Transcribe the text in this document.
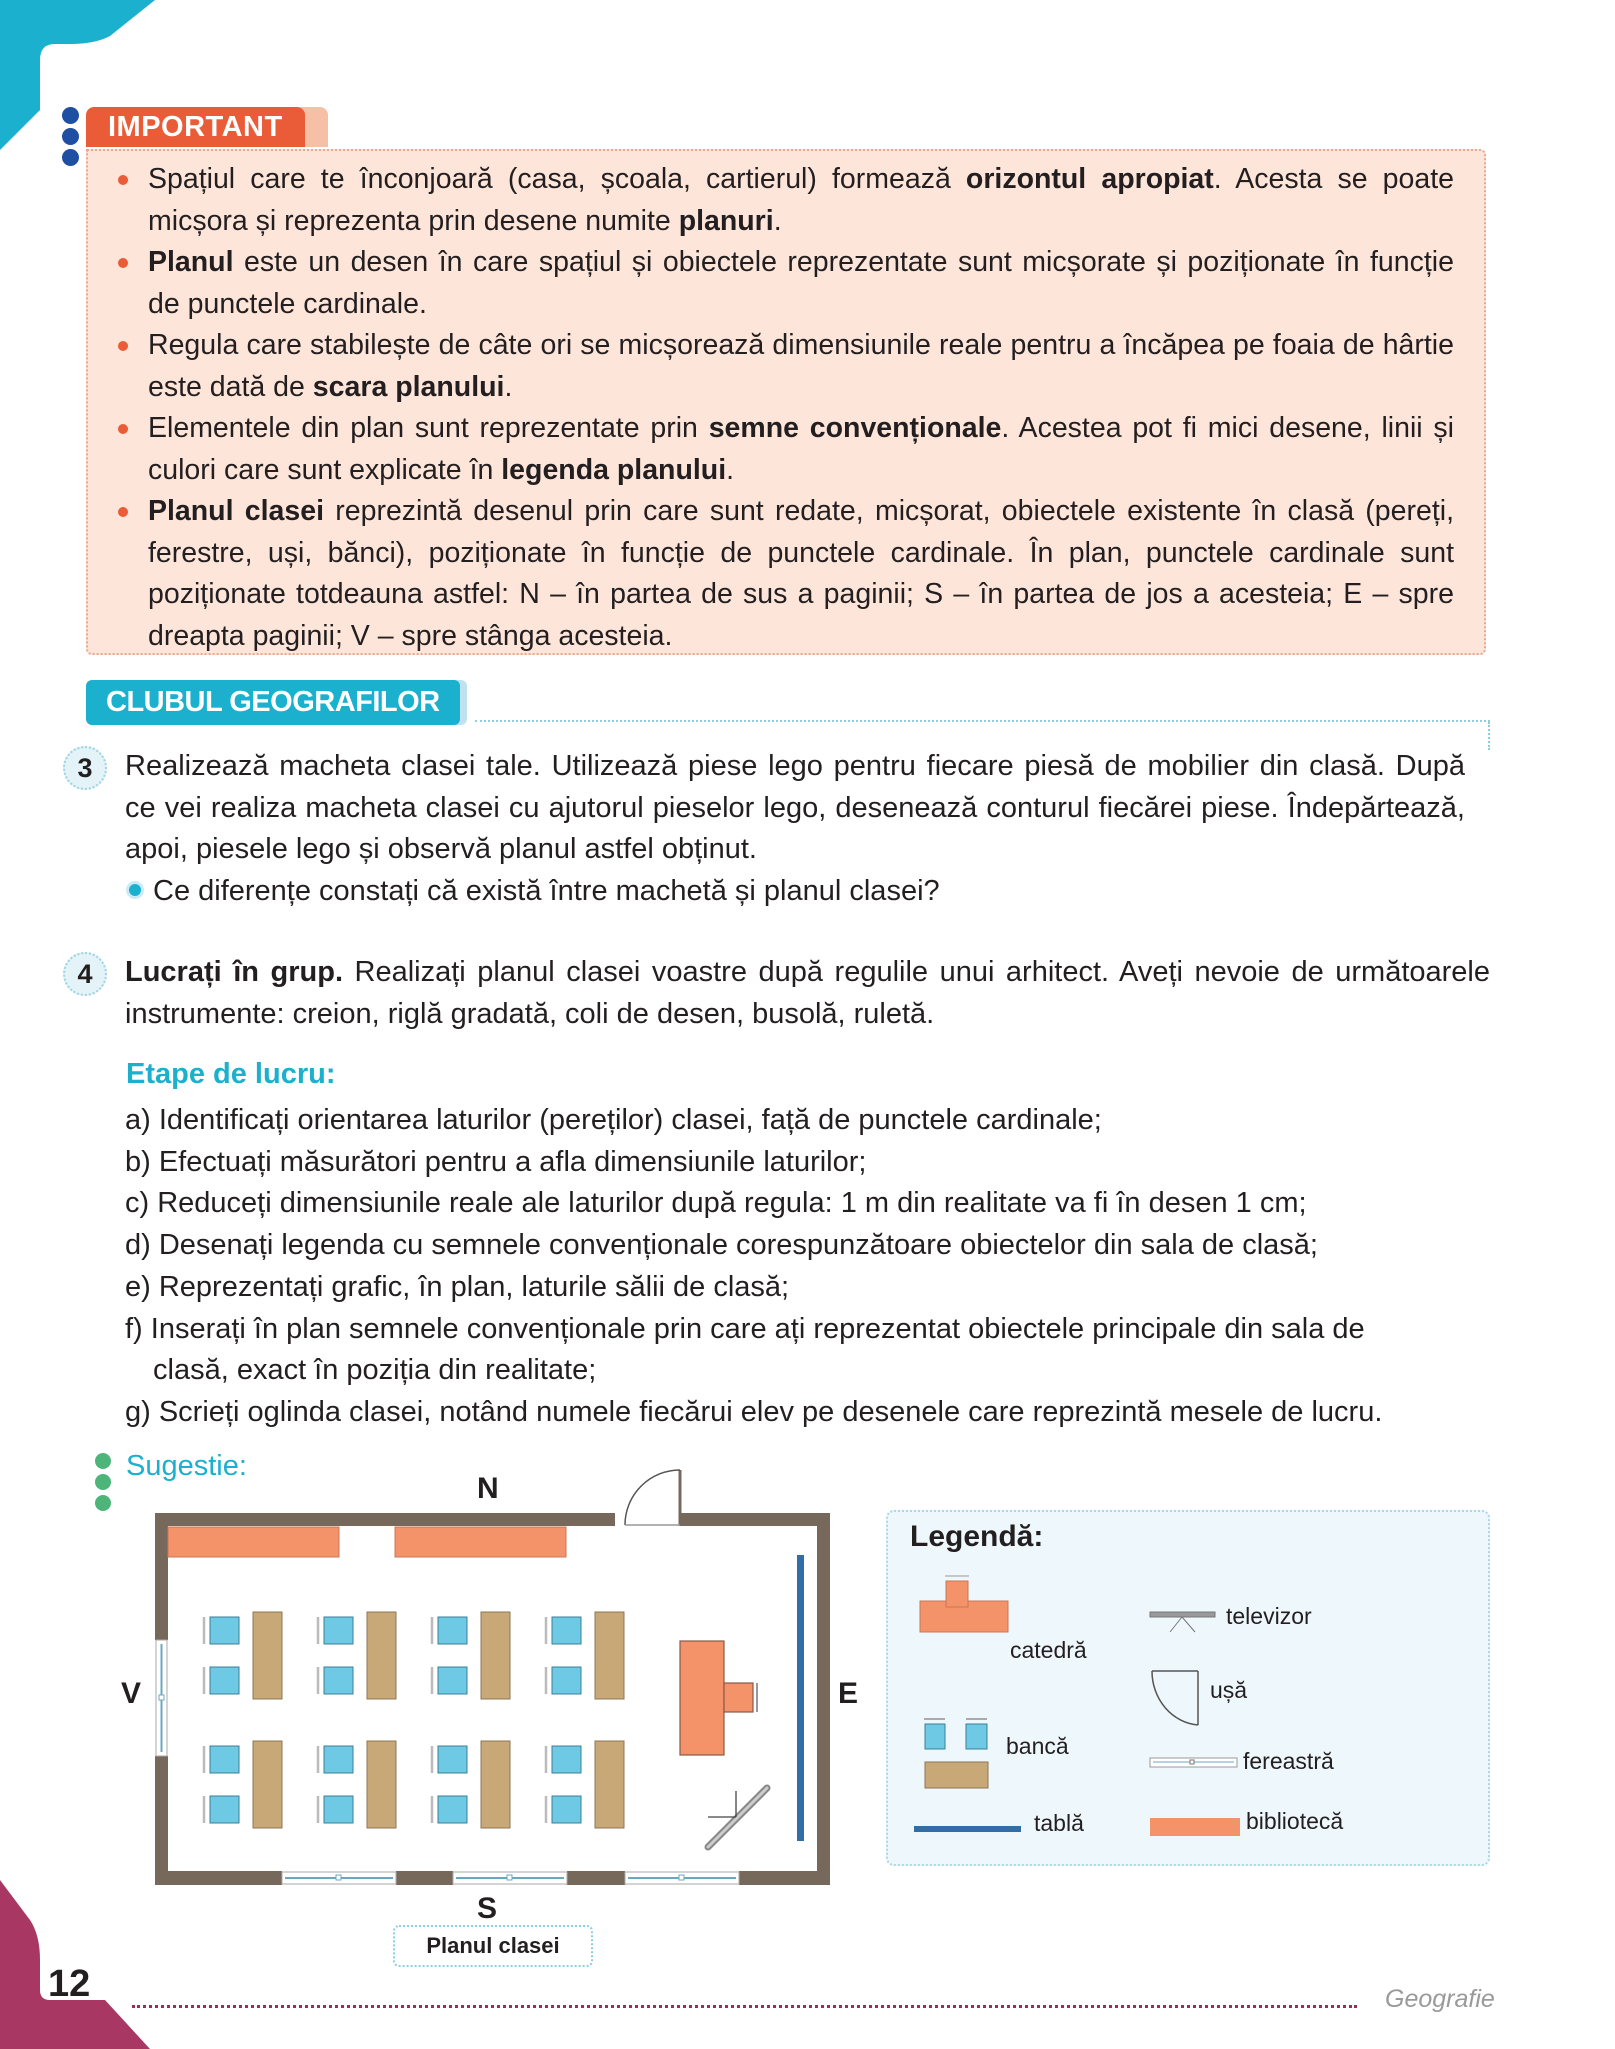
IMPORTANT
Spațiul care te înconjoară (casa, școala, cartierul) formează orizontul apropiat. Acesta se poate micșora și reprezenta prin desene numite planuri.
Planul este un desen în care spațiul și obiectele reprezentate sunt micșorate și poziționate în funcție de punctele cardinale.
Regula care stabilește de câte ori se micșorează dimensiunile reale pentru a încăpea pe foaia de hârtie este dată de scara planului.
Elementele din plan sunt reprezentate prin semne convenționale. Acestea pot fi mici desene, linii și culori care sunt explicate în legenda planului.
Planul clasei reprezintă desenul prin care sunt redate, micșorat, obiectele existente în clasă (pereți, ferestre, uși, bănci), poziționate în funcție de punctele cardinale. În plan, punctele cardinale sunt poziționate totdeauna astfel: N – în partea de sus a paginii; S – în partea de jos a acesteia; E – spre dreapta paginii; V – spre stânga acesteia.
CLUBUL GEOGRAFILOR
3	Realizează macheta clasei tale. Utilizează piese lego pentru fiecare piesă de mobilier din clasă. După ce vei realiza macheta clasei cu ajutorul pieselor lego, desenează conturul fiecărei piese. Îndepărtează, apoi, piesele lego și observă planul astfel obținut.
Ce diferențe constați că există între machetă și planul clasei?
4	Lucrați în grup. Realizați planul clasei voastre după regulile unui arhitect. Aveți nevoie de următoarele instrumente: creion, riglă gradată, coli de desen, busolă, ruletă.
Etape de lucru:
a) Identificați orientarea laturilor (pereților) clasei, față de punctele cardinale;
b) Efectuați măsurători pentru a afla dimensiunile laturilor;
c) Reduceți dimensiunile reale ale laturilor după regula: 1 m din realitate va fi în desen 1 cm;
d) Desenați legenda cu semnele convenționale corespunzătoare obiectelor din sala de clasă;
e) Reprezentați grafic, în plan, laturile sălii de clasă;
f) Inserați în plan semnele convenționale prin care ați reprezentat obiectele principale din sala de
clasă, exact în poziția din realitate;
g) Scrieți oglinda clasei, notând numele fiecărui elev pe desenele care reprezintă mesele de lucru.
Sugestie:
N
S
E
V
Legendă:
catedră
bancă
tablă
televizor
ușă
fereastră
bibliotecă
Planul clasei
12	Geografie
